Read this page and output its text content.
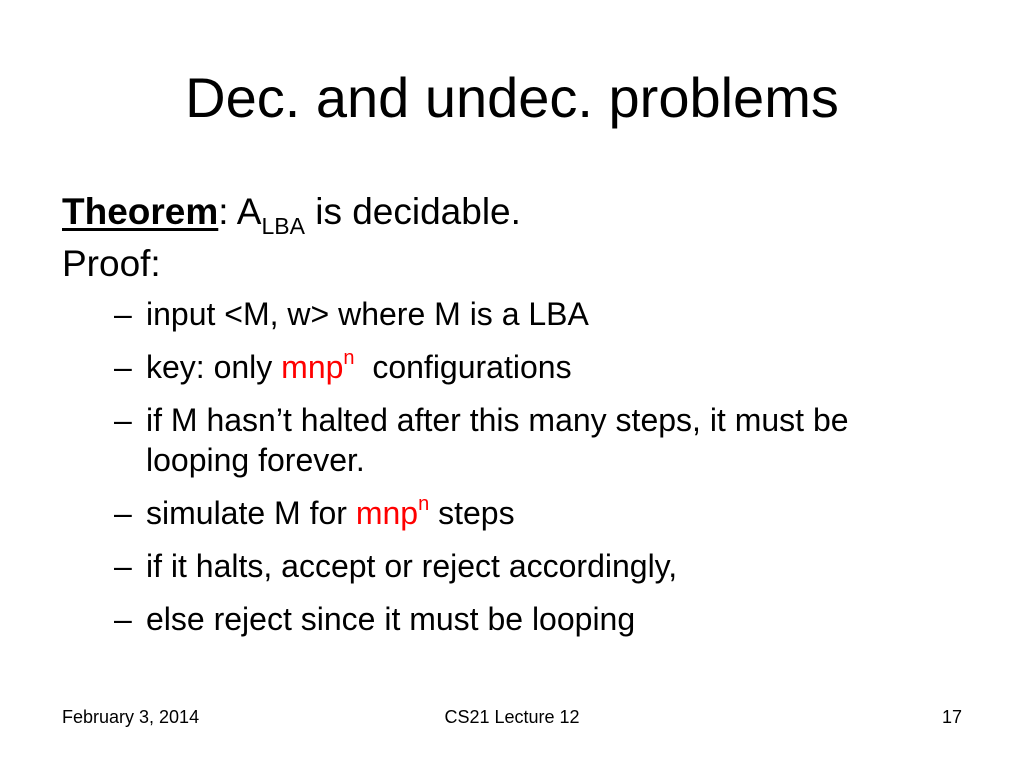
Dec. and undec. problems
Theorem: $A_{LBA}$ is decidable.
Proof:
– input <M, w> where M is a LBA
– key: only mnp$^n$  configurations
– if M hasn’t halted after this many steps, it must be looping forever.
– simulate M for mnp$^n$ steps
– if it halts, accept or reject accordingly,
– else reject since it must be looping
February 3, 2014	CS21 Lecture 12	17
